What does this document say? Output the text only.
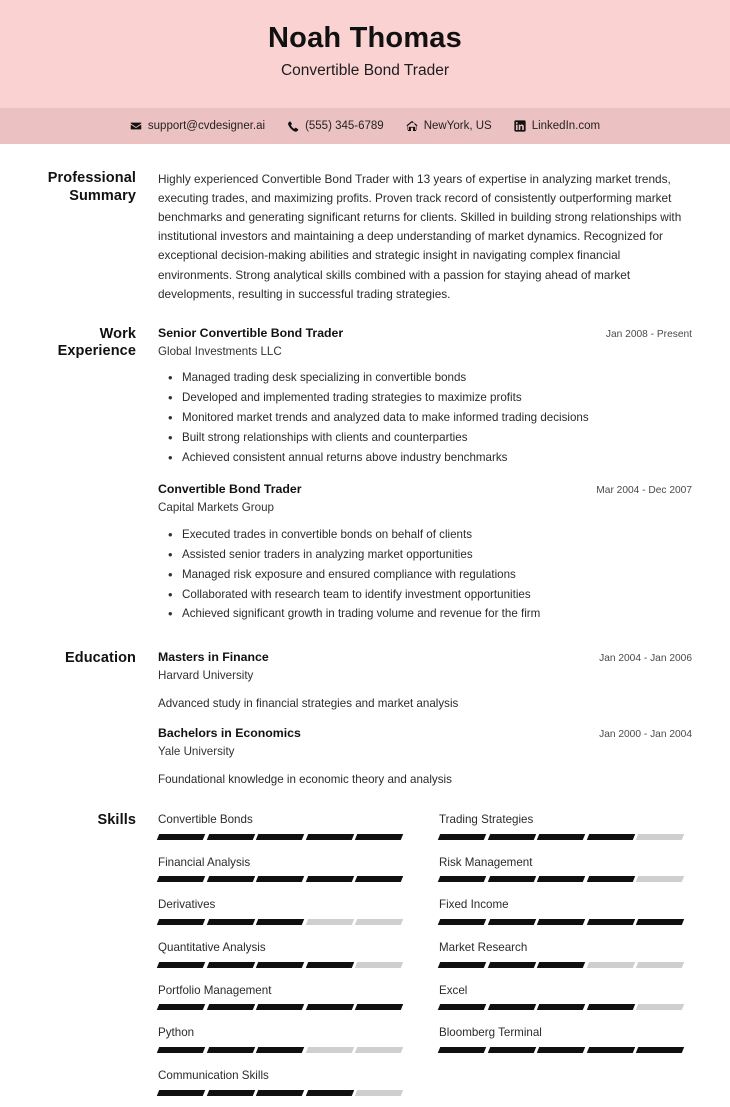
Noah Thomas
Convertible Bond Trader
support@cvdesigner.ai	(555) 345-6789	NewYork, US	LinkedIn.com
Professional Summary
Highly experienced Convertible Bond Trader with 13 years of expertise in analyzing market trends, executing trades, and maximizing profits. Proven track record of consistently outperforming market benchmarks and generating significant returns for clients. Skilled in building strong relationships with institutional investors and maintaining a deep understanding of market dynamics. Recognized for exceptional decision-making abilities and strategic insight in navigating complex financial environments. Strong analytical skills combined with a passion for staying ahead of market developments, resulting in successful trading strategies.
Work Experience
Senior Convertible Bond Trader	Jan 2008 - Present
Global Investments LLC
• Managed trading desk specializing in convertible bonds
• Developed and implemented trading strategies to maximize profits
• Monitored market trends and analyzed data to make informed trading decisions
• Built strong relationships with clients and counterparties
• Achieved consistent annual returns above industry benchmarks
Convertible Bond Trader	Mar 2004 - Dec 2007
Capital Markets Group
• Executed trades in convertible bonds on behalf of clients
• Assisted senior traders in analyzing market opportunities
• Managed risk exposure and ensured compliance with regulations
• Collaborated with research team to identify investment opportunities
• Achieved significant growth in trading volume and revenue for the firm
Education	Masters in Finance	Jan 2004 - Jan 2006
Harvard University
Advanced study in financial strategies and market analysis
Bachelors in Economics	Jan 2000 - Jan 2004
Yale University
Foundational knowledge in economic theory and analysis
Skills	Convertible Bonds	Trading Strategies
Financial Analysis	Risk Management
Derivatives	Fixed Income
Quantitative Analysis	Market Research
Portfolio Management	Excel
Python	Bloomberg Terminal
Communication Skills
